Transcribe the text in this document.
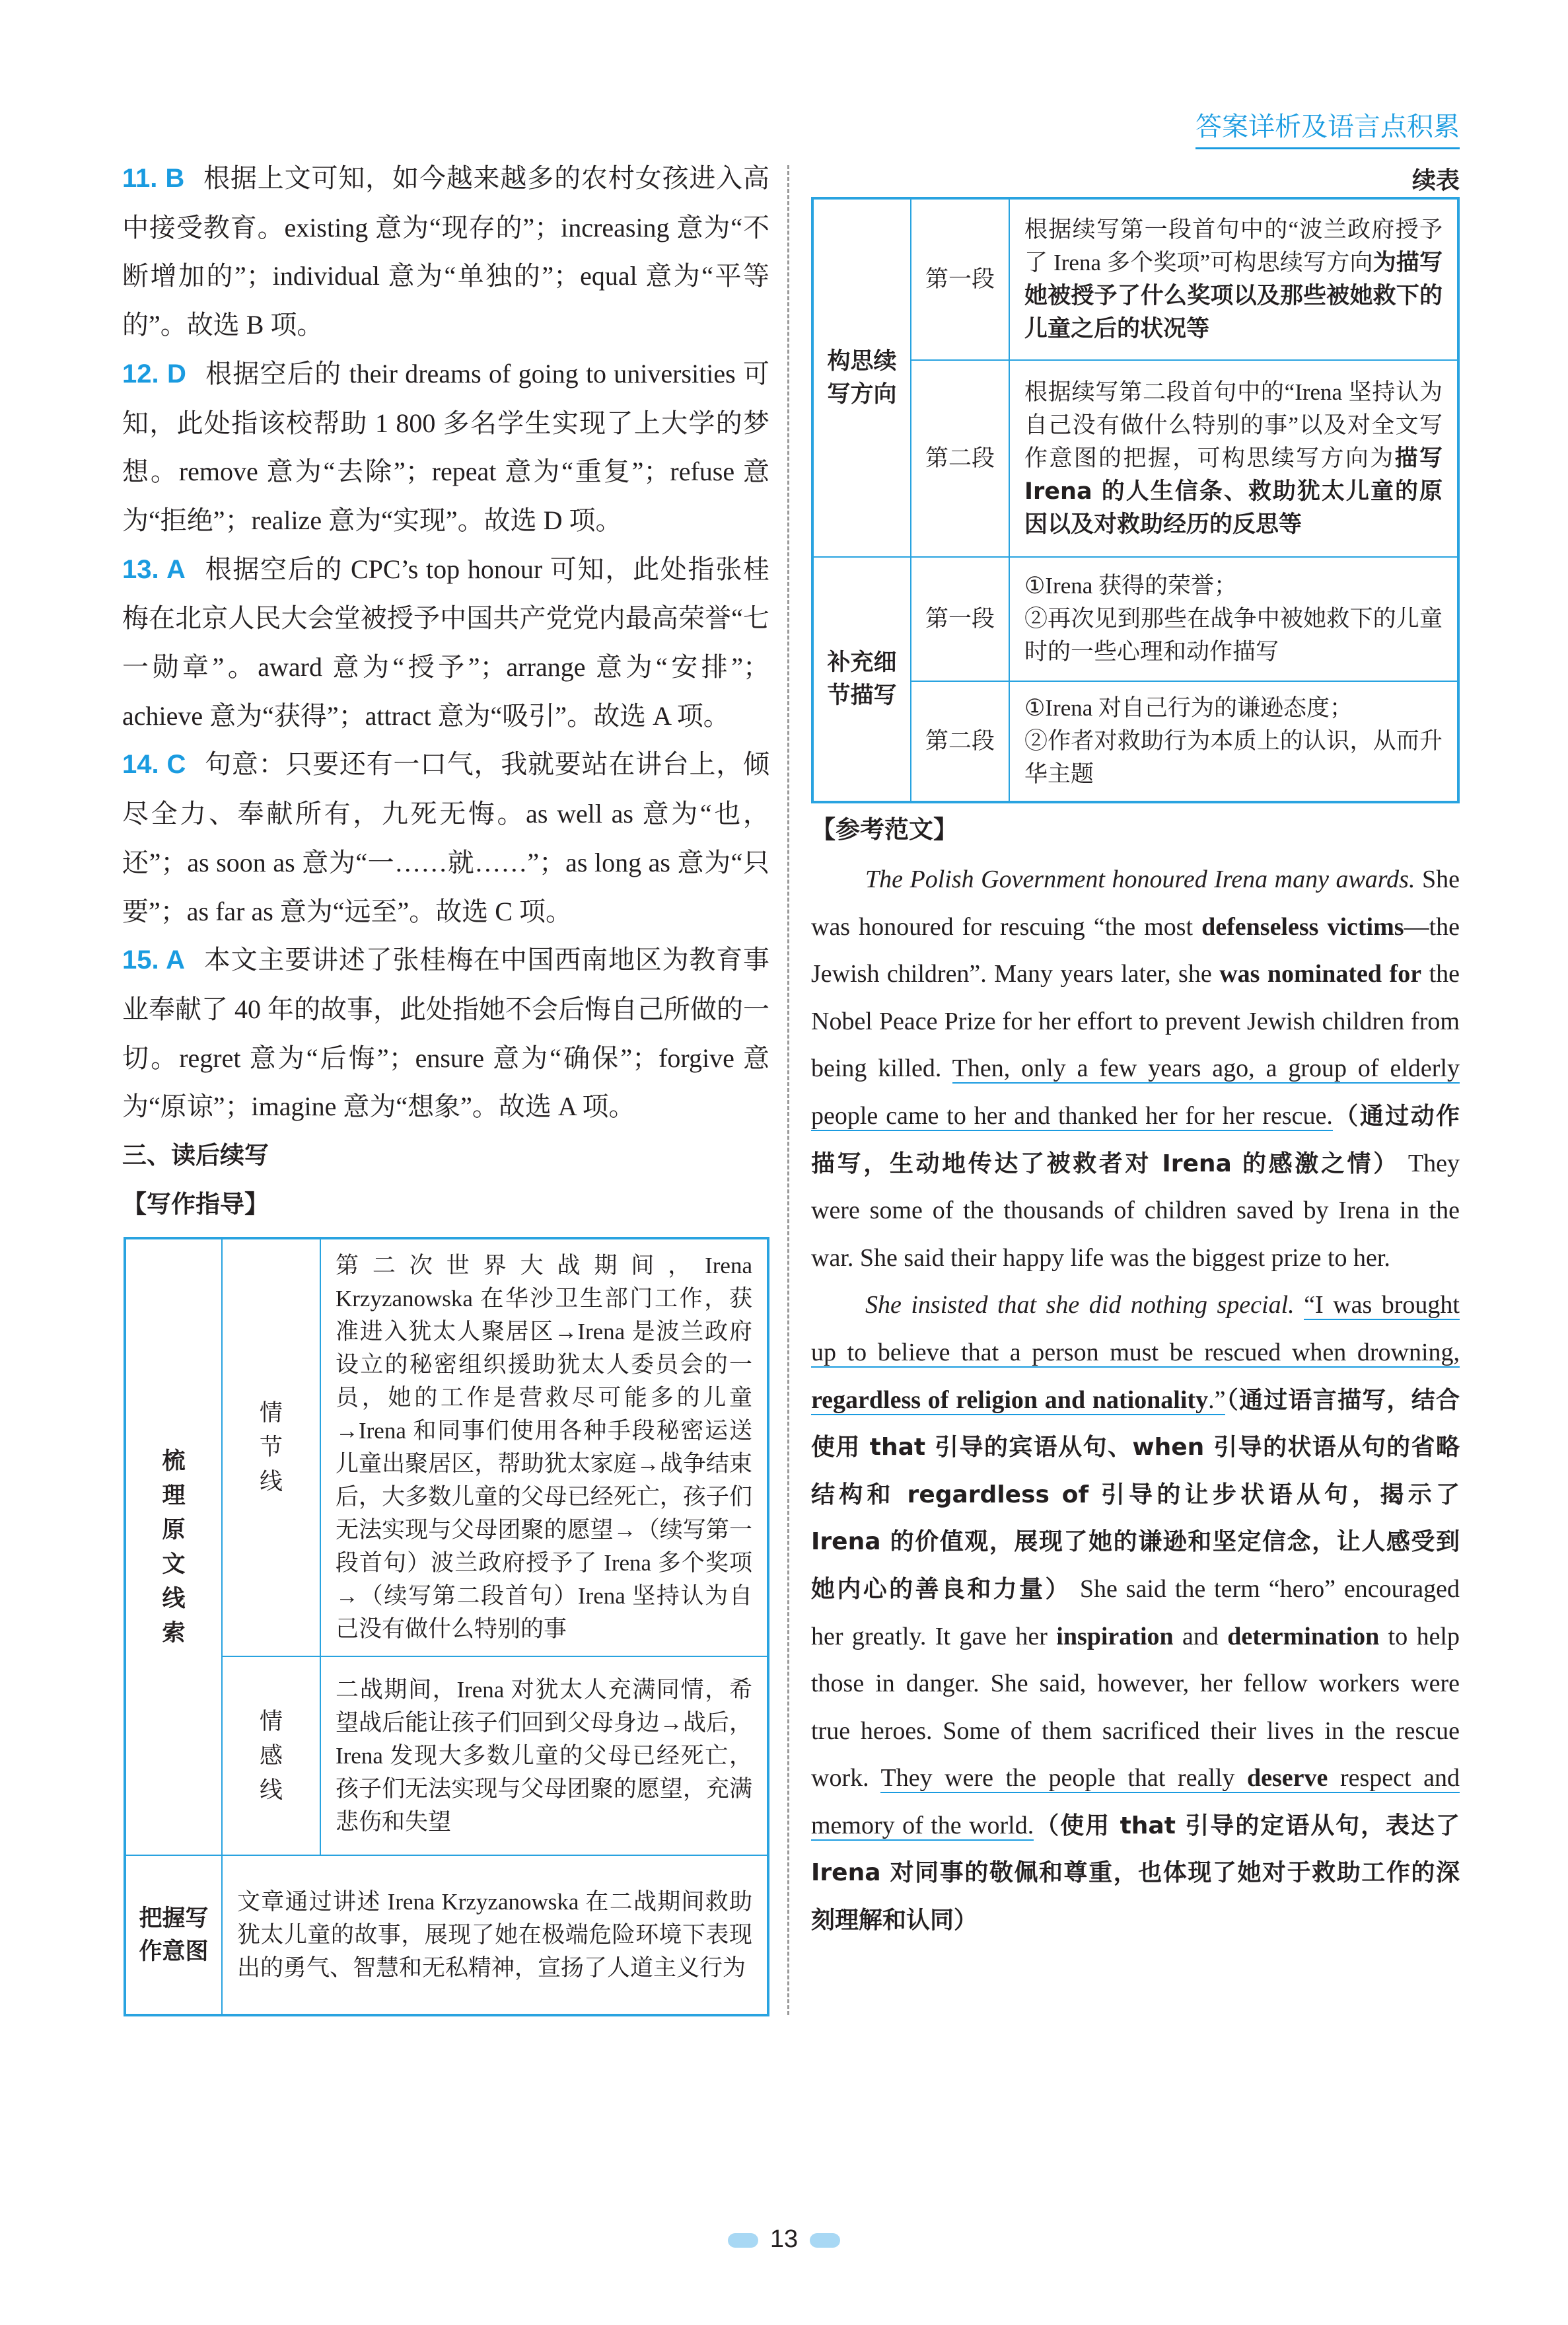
答案详析及语言点积累
11. B 根据上文可知，如今越来越多的农村女孩进入高中接受教育。existing 意为“现存的”；increasing 意为“不断增加的”；individual 意为“单独的”；equal 意为“平等的”。故选 B 项。
12. D 根据空后的 their dreams of going to universities 可知，此处指该校帮助 1 800 多名学生实现了上大学的梦想。remove 意为“去除”；repeat 意为“重复”；refuse 意为“拒绝”；realize 意为“实现”。故选 D 项。
13. A 根据空后的 CPC’s top honour 可知，此处指张桂梅在北京人民大会堂被授予中国共产党党内最高荣誉“七一勋章”。award 意为“授予”；arrange 意为“安排”；achieve 意为“获得”；attract 意为“吸引”。故选 A 项。
14. C 句意：只要还有一口气，我就要站在讲台上，倾尽全力、奉献所有，九死无悔。as well as 意为“也，还”；as soon as 意为“一……就……”；as long as 意为“只要”；as far as 意为“远至”。故选 C 项。
15. A 本文主要讲述了张桂梅在中国西南地区为教育事业奉献了 40 年的故事，此处指她不会后悔自己所做的一切。regret 意为“后悔”；ensure 意为“确保”；forgive 意为“原谅”；imagine 意为“想象”。故选 A 项。
三、读后续写
【写作指导】
梳理原文线索	情节线	第二次世界大战期间，Irena Krzyzanowska 在华沙卫生部门工作，获准进入犹太人聚居区→Irena 是波兰政府设立的秘密组织援助犹太人委员会的一员，她的工作是营救尽可能多的儿童→Irena 和同事们使用各种手段秘密运送儿童出聚居区，帮助犹太家庭→战争结束后，大多数儿童的父母已经死亡，孩子们无法实现与父母团聚的愿望→（续写第一段首句）波兰政府授予了 Irena 多个奖项→（续写第二段首句）Irena 坚持认为自己没有做什么特别的事

	情感线	二战期间，Irena 对犹太人充满同情，希望战后能让孩子们回到父母身边→战后，Irena 发现大多数儿童的父母已经死亡，孩子们无法实现与父母团聚的愿望，充满悲伤和失望

把握写作意图	文章通过讲述 Irena Krzyzanowska 在二战期间救助犹太儿童的故事，展现了她在极端危险环境下表现出的勇气、智慧和无私精神，宣扬了人道主义行为	
续表
构思续写方向	第一段	根据续写第一段首句中的“波兰政府授予了 Irena 多个奖项”可构思续写方向为描写她被授予了什么奖项以及那些被她救下的儿童之后的状况等
	第二段	根据续写第二段首句中的“Irena 坚持认为自己没有做什么特别的事”以及对全文写作意图的把握，可构思续写方向为描写 Irena 的人生信条、救助犹太儿童的原因以及对救助经历的反思等

补充细节描写	第一段	①Irena 获得的荣誉；
②再次见到那些在战争中被她救下的儿童时的一些心理和动作描写

	第二段	①Irena 对自己行为的谦逊态度；
②作者对救助行为本质上的认识，从而升华主题
【参考范文】

The Polish Government honoured Irena many awards. She was honoured for rescuing “the most defenseless victims—the Jewish children”. Many years later, she was nominated for the Nobel Peace Prize for her effort to prevent Jewish children from being killed. Then, only a few years ago, a group of elderly people came to her and thanked her for her rescue.（通过动作描写，生动地传达了被救者对 Irena 的感激之情） They were some of the thousands of children saved by Irena in the war. She said their happy life was the biggest prize to her.

She insisted that she did nothing special. “I was brought up to believe that a person must be rescued when drowning, regardless of religion and nationality.”（通过语言描写，结合使用 that 引导的宾语从句、when 引导的状语从句的省略结构和 regardless of 引导的让步状语从句，揭示了 Irena 的价值观，展现了她的谦逊和坚定信念，让人感受到她内心的善良和力量） She said the term “hero” encouraged her greatly. It gave her inspiration and determination to help those in danger. She said, however, her fellow workers were true heroes. Some of them sacrificed their lives in the rescue work. They were the people that really deserve respect and memory of the world.（使用 that 引导的定语从句，表达了 Irena 对同事的敬佩和尊重，也体现了她对于救助工作的深刻理解和认同）

13
